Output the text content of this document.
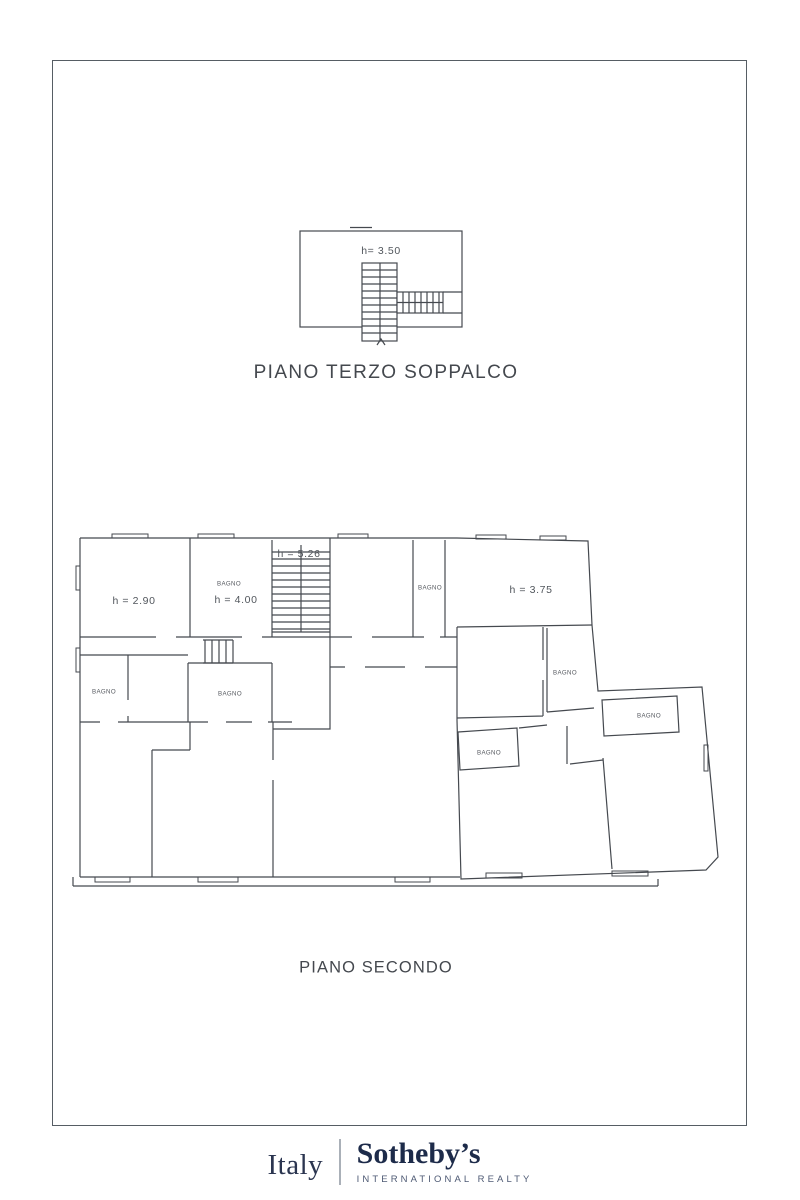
PIANO TERZO SOPPALCO
PIANO SECONDO
h= 3.50
h = 2.90
BAGNO
h = 4.00
h = 5.26
BAGNO	h = 3.75
BAGNO	BAGNO
BAGNO
BAGNO
BAGNO
Italy	Sotheby’s
INTERNATIONAL REALTY
